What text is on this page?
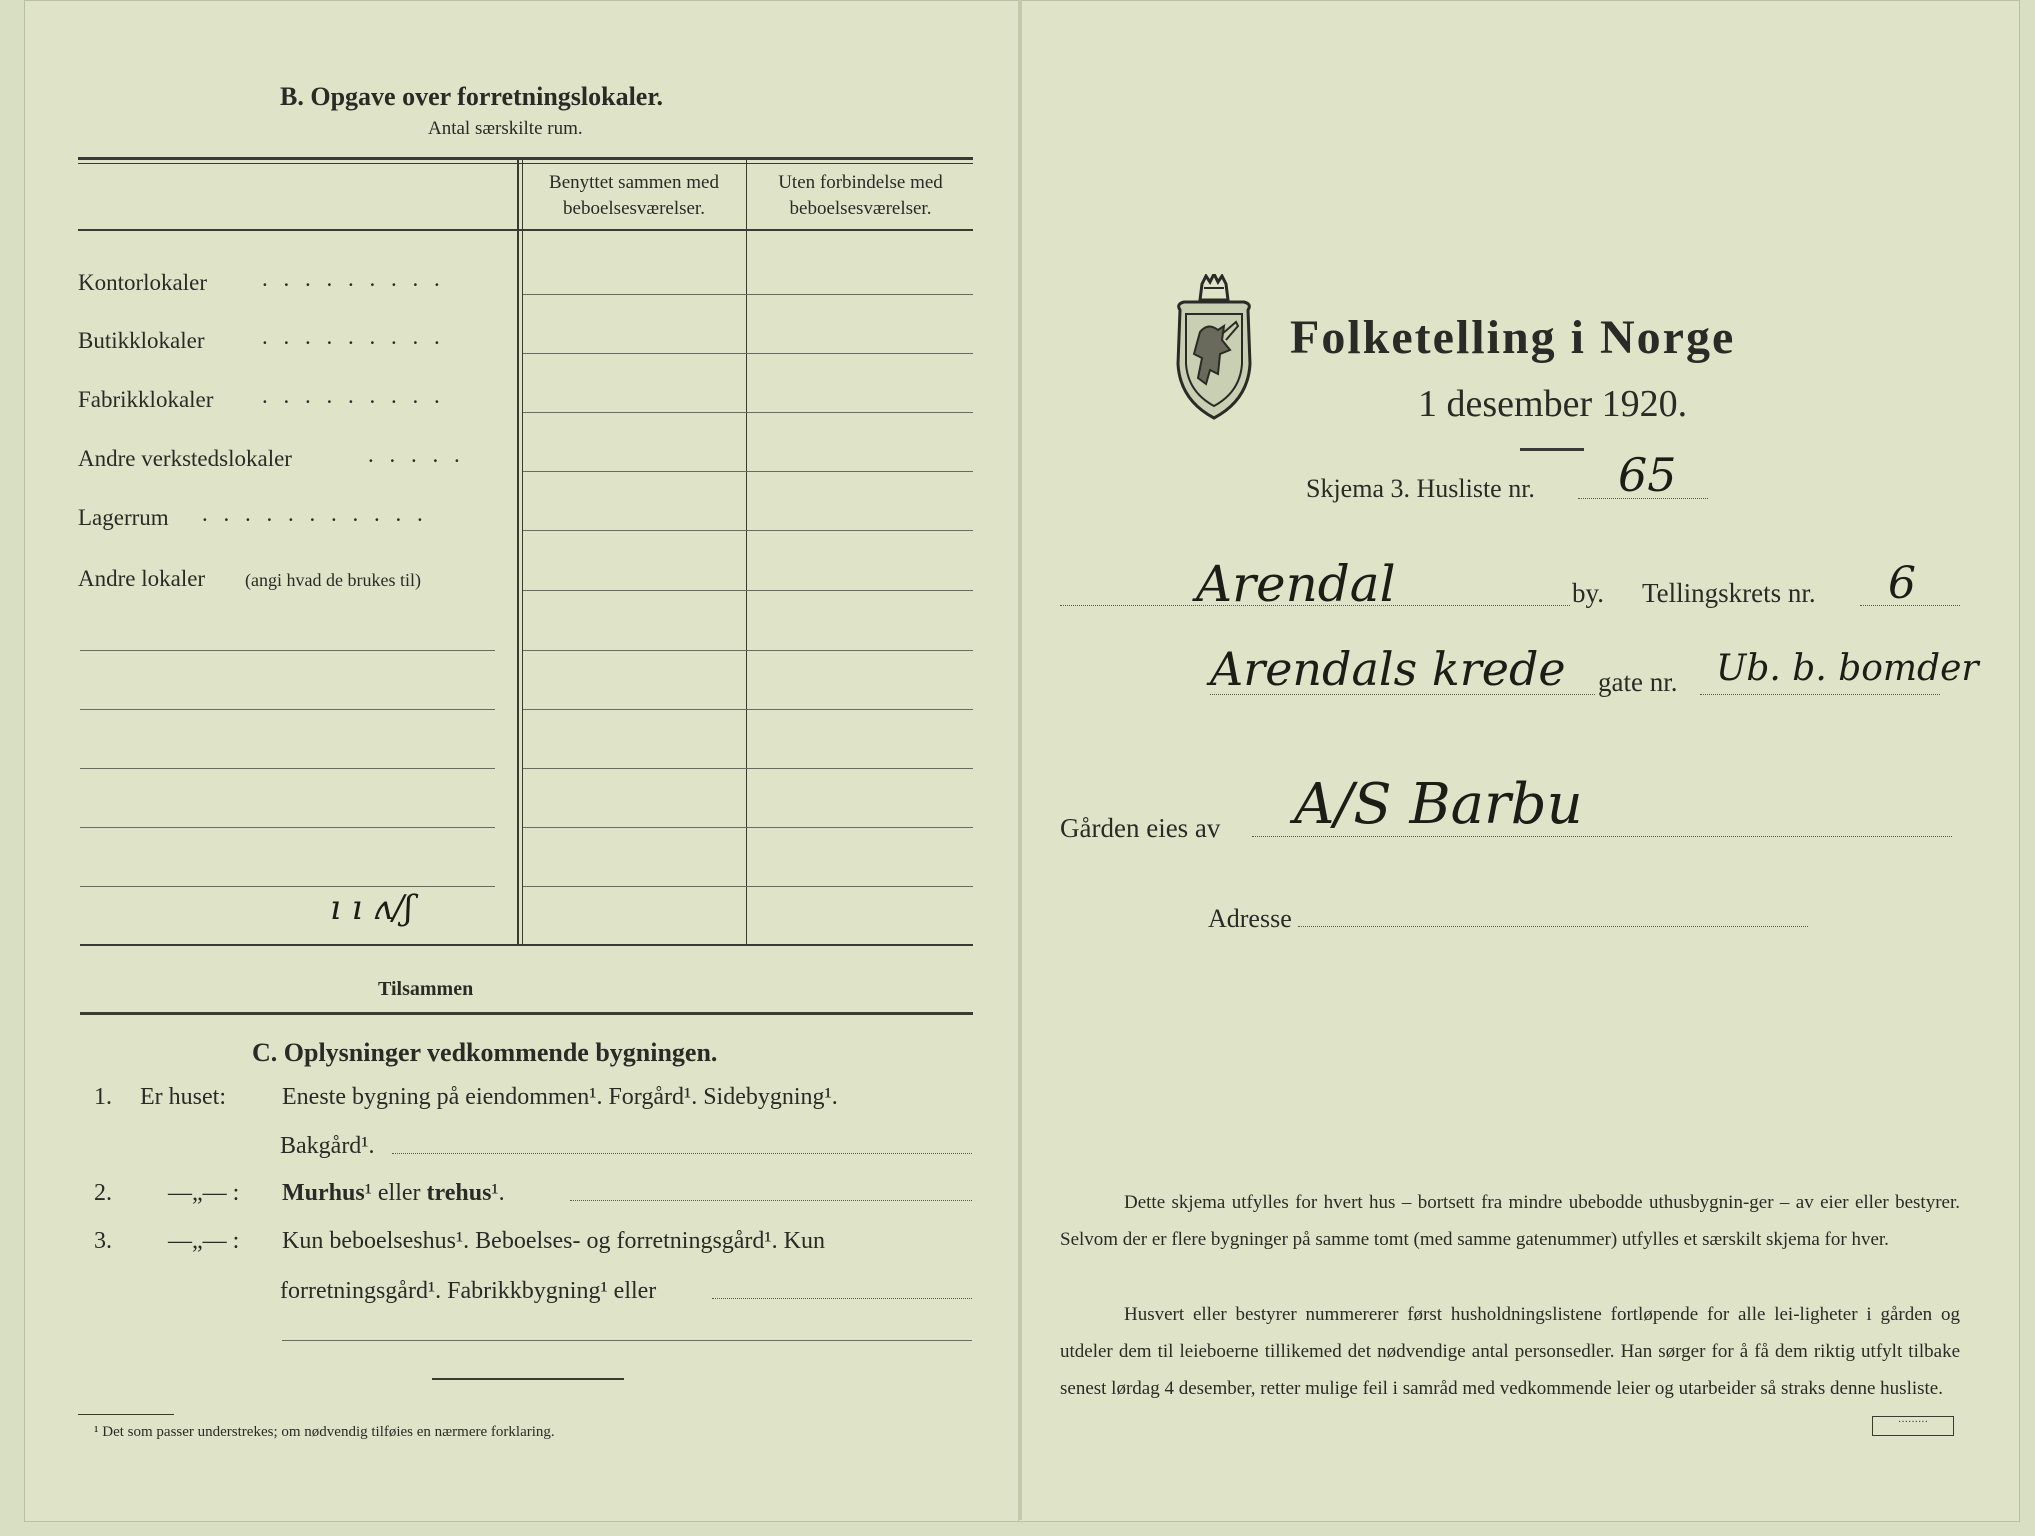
B. Opgave over forretningslokaler.
Antal særskilte rum.
Benyttet sammen med
beboelsesværelser.
Uten forbindelse med
beboelsesværelser.
Kontorlokaler . . . . . . . . .
Butikklokaler	. . . . . . . . .
Fabrikklokaler . . . . . . . . .
Andre verkstedslokaler	. . . . .
Lagerrum . . . . . . . . . . .
Andre lokaler (angi hvad de brukes til)
ı ı ʌ/ʃ
Tilsammen
C. Oplysninger vedkommende bygningen.
1. Er huset: Eneste bygning på eiendommen¹. Forgård¹. Sidebygning¹.
Bakgård¹.
2. —„— : Murhus¹ eller trehus¹.
3. —„— : Kun beboelseshus¹. Beboelses- og forretningsgård¹. Kun
forretningsgård¹. Fabrikkbygning¹ eller
¹ Det som passer understrekes; om nødvendig tilføies en nærmere forklaring.
Folketelling i Norge
1 desember 1920.
Skjema 3. Husliste nr. 65
Arendal	by. Tellingskrets nr. 6
Arendals krede gate nr. Ub. b. bomder
Gården eies av A/S Barbu
Adresse
Dette skjema utfylles for hvert hus – bortsett fra mindre ubebodde uthusbygnin-ger – av eier eller bestyrer. Selvom der er flere bygninger på samme tomt (med samme gatenummer) utfylles et særskilt skjema for hver.
Husvert eller bestyrer nummererer først husholdningslistene fortløpende for alle lei-ligheter i gården og utdeler dem til leieboerne tillikemed det nødvendige antal personsedler. Han sørger for å få dem riktig utfylt tilbake senest lørdag 4 desember, retter mulige feil i samråd med vedkommende leier og utarbeider så straks denne husliste.
·········
